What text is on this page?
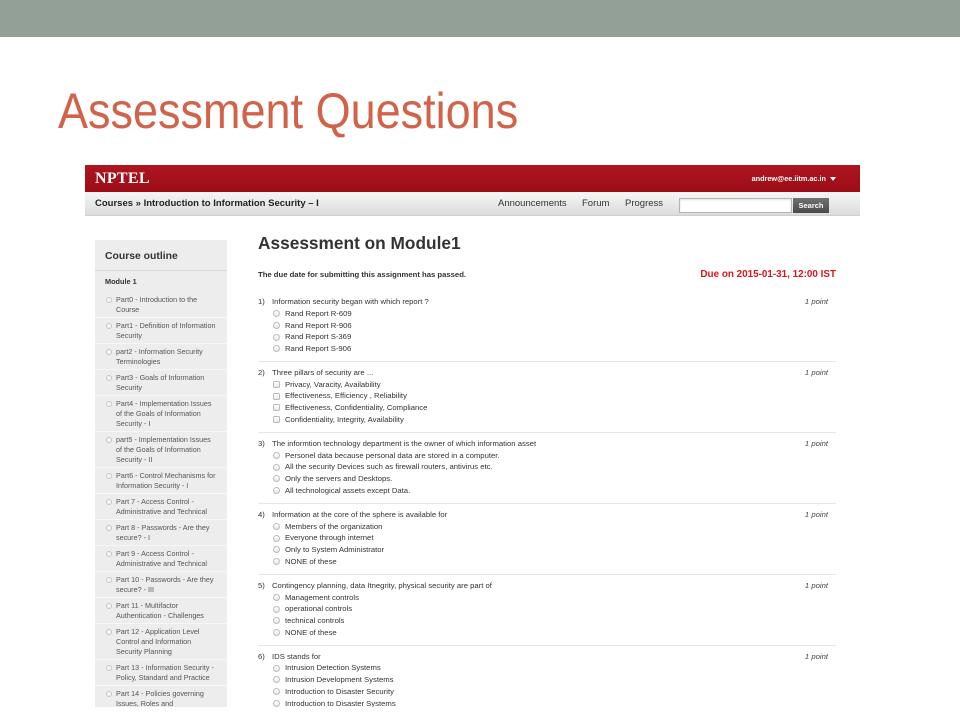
Assessment Questions
NPTEL	andrew@ee.iitm.ac.in
Courses » Introduction to Information Security – I	Announcements Forum Progress	Search
Course outline
Module 1
Part0 - Introduction to the Course
Part1 - Definition of Information Security
part2 - Information Security Terminologies
Part3 - Goals of Information Security
Part4 - Implementation Issues of the Goals of Information Security - I
part5 - Implementation Issues of the Goals of Information Security - II
Part6 - Control Mechanisms for Information Security - I
Part 7 - Access Control - Administrative and Technical
Part 8 - Passwords - Are they secure? - I
Part 9 - Access Control - Administrative and Technical
Part 10 - Passwords - Are they secure? - III
Part 11 - Multifactor Authentication - Challenges
Part 12 - Application Level Control and Information Security Planning
Part 13 - Information Security - Policy, Standard and Practice
Part 14 - Policies governing Issues, Roles and
Assessment on Module1
The due date for submitting this assignment has passed.	Due on 2015-01-31, 12:00 IST
1) Information security began with which report ?	1 point
Rand Report R-609
Rand Report R-906
Rand Report S-369
Rand Report S-906
2) Three pillars of security are ...	1 point
Privacy, Varacity, Availability
Effectiveness, Efficiency , Reliability
Effectiveness, Confidentiality, Compliance
Confidentiality, Integrity, Availability
3) The informtion technology department is the owner of which information asset	1 point
Personel data because personal data are stored in a computer.
All the security Devices such as firewall routers, antivirus etc.
Only the servers and Desktops.
All technological assets except Data.
4) Information at the core of the sphere is available for	1 point
Members of the organization
Everyone through internet
Only to System Administrator
NONE of these
5) Contingency planning, data Itnegrity, physical security are part of	1 point
Management controls
operational controls
technical controls
NONE of these
6) IDS stands for	1 point
Intrusion Detection Systems
Intrusion Development Systems
Introduction to Disaster Security
Introduction to Disaster Systems
